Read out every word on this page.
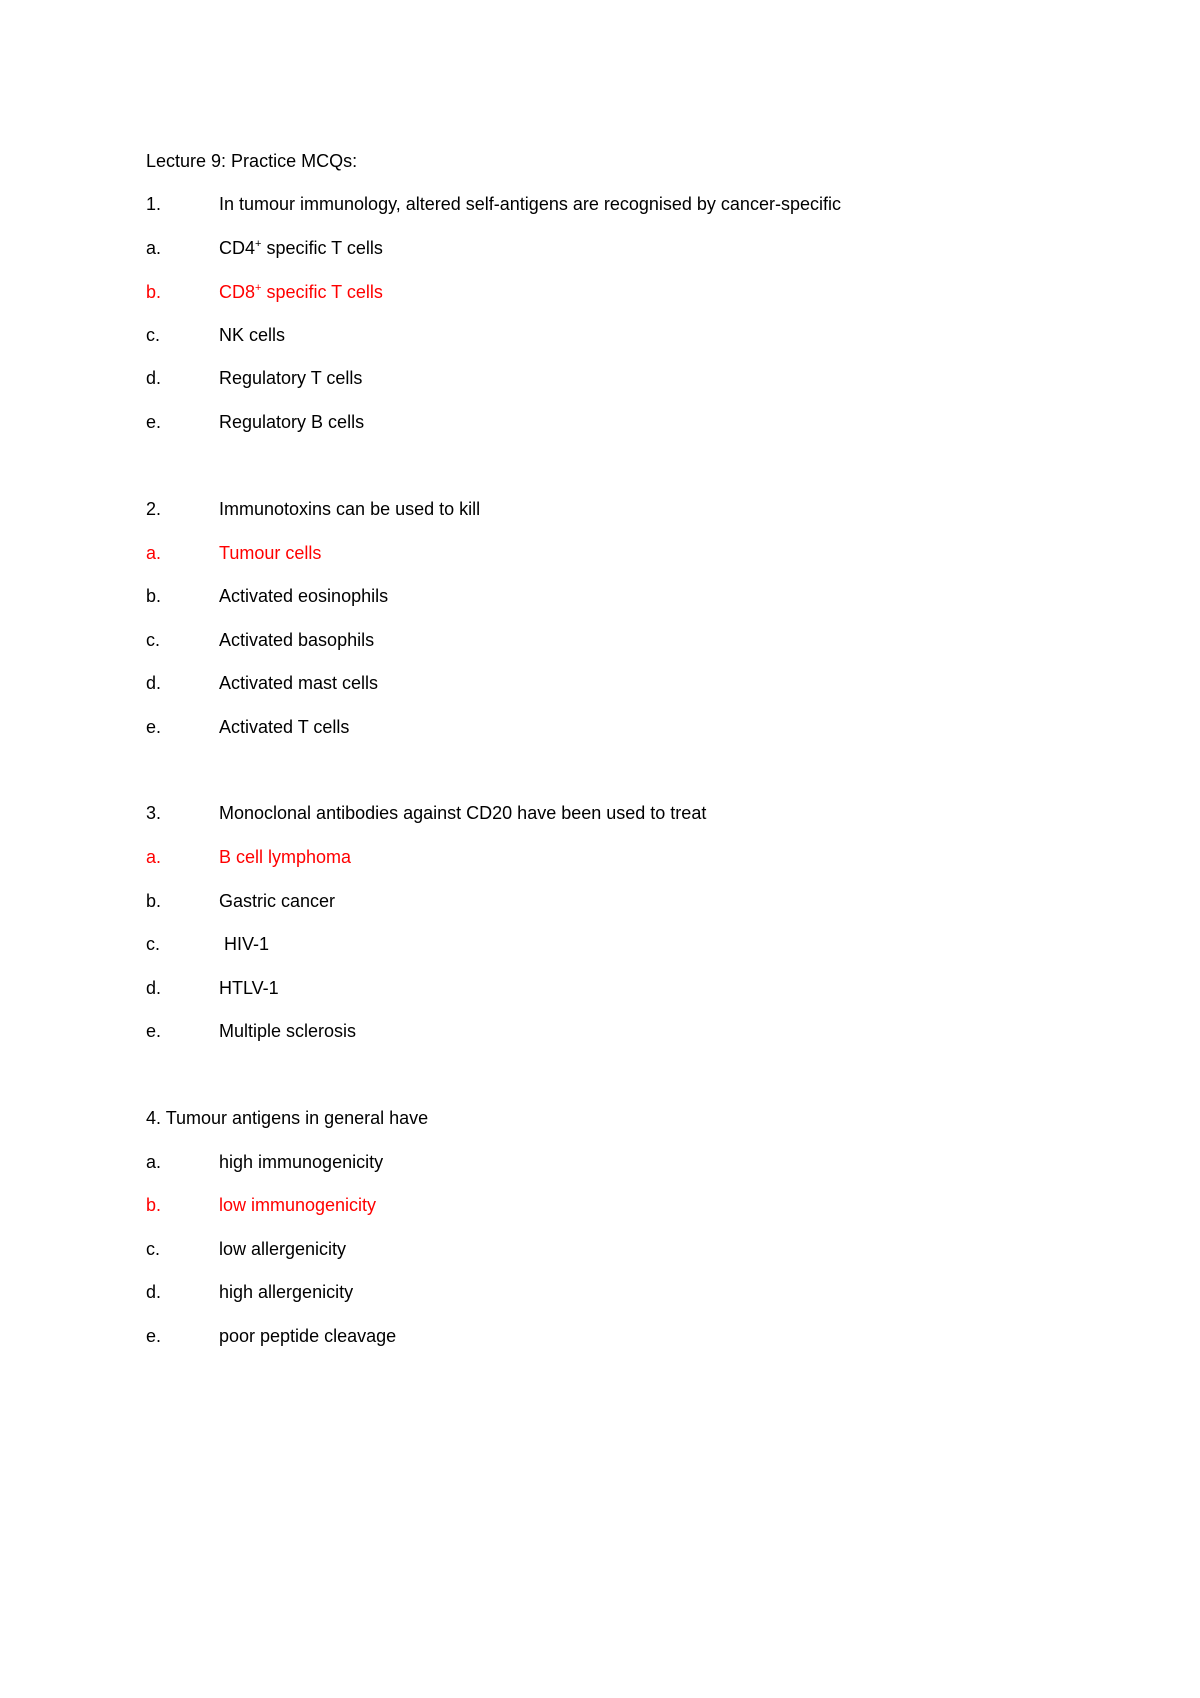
Lecture 9: Practice MCQs:
1.	In tumour immunology, altered self-antigens are recognised by cancer-specific
a.	CD4+ specific T cells
b.	CD8+ specific T cells
c.	NK cells
d.	Regulatory T cells
e.	Regulatory B cells
2.	Immunotoxins can be used to kill
a.	Tumour cells
b.	Activated eosinophils
c.	Activated basophils
d.	Activated mast cells
e.	Activated T cells
3.	Monoclonal antibodies against CD20 have been used to treat
a.	B cell lymphoma
b.	Gastric cancer
c.	HIV-1
d.	HTLV-1
e.	Multiple sclerosis
4. Tumour antigens in general have
a.	high immunogenicity
b.	low immunogenicity
c.	low allergenicity
d.	high allergenicity
e.	poor peptide cleavage
